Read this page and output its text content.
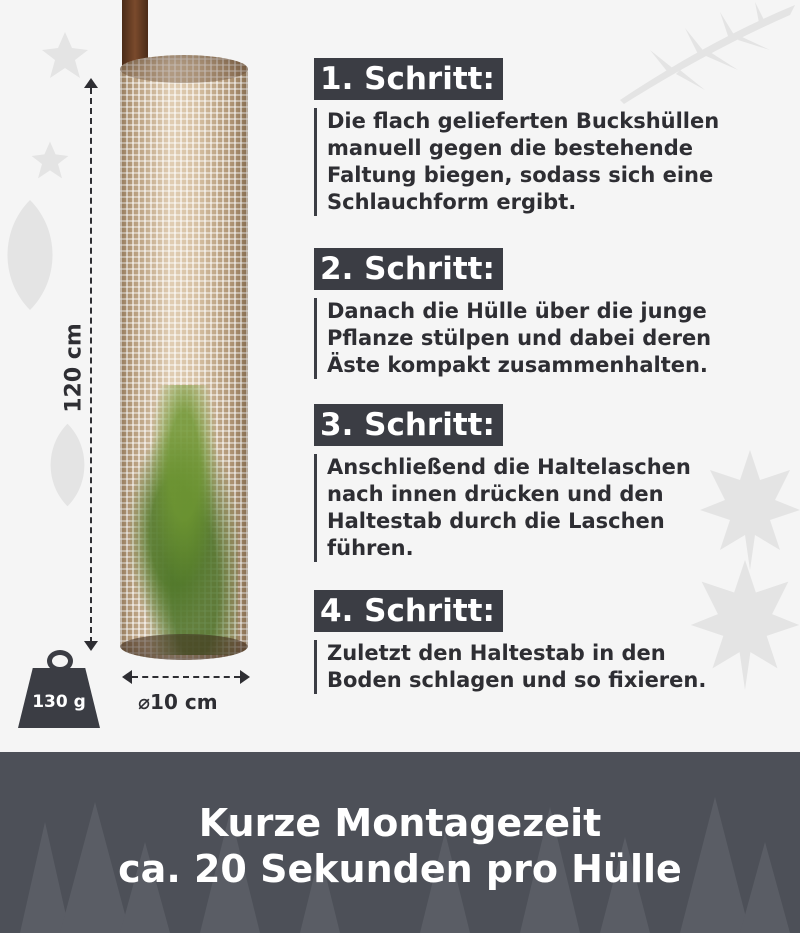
120 cm
⌀10 cm
130 g
1. Schritt:
Die flach gelieferten Buckshüllen
manuell gegen die bestehende
Faltung biegen, sodass sich eine
Schlauchform ergibt.
2. Schritt:
Danach die Hülle über die junge
Pflanze stülpen und dabei deren
Äste kompakt zusammenhalten.
3. Schritt:
Anschließend die Haltelaschen
nach innen drücken und den
Haltestab durch die Laschen
führen.
4. Schritt:
Zuletzt den Haltestab in den
Boden schlagen und so fixieren.
Kurze Montagezeit
ca. 20 Sekunden pro Hülle
